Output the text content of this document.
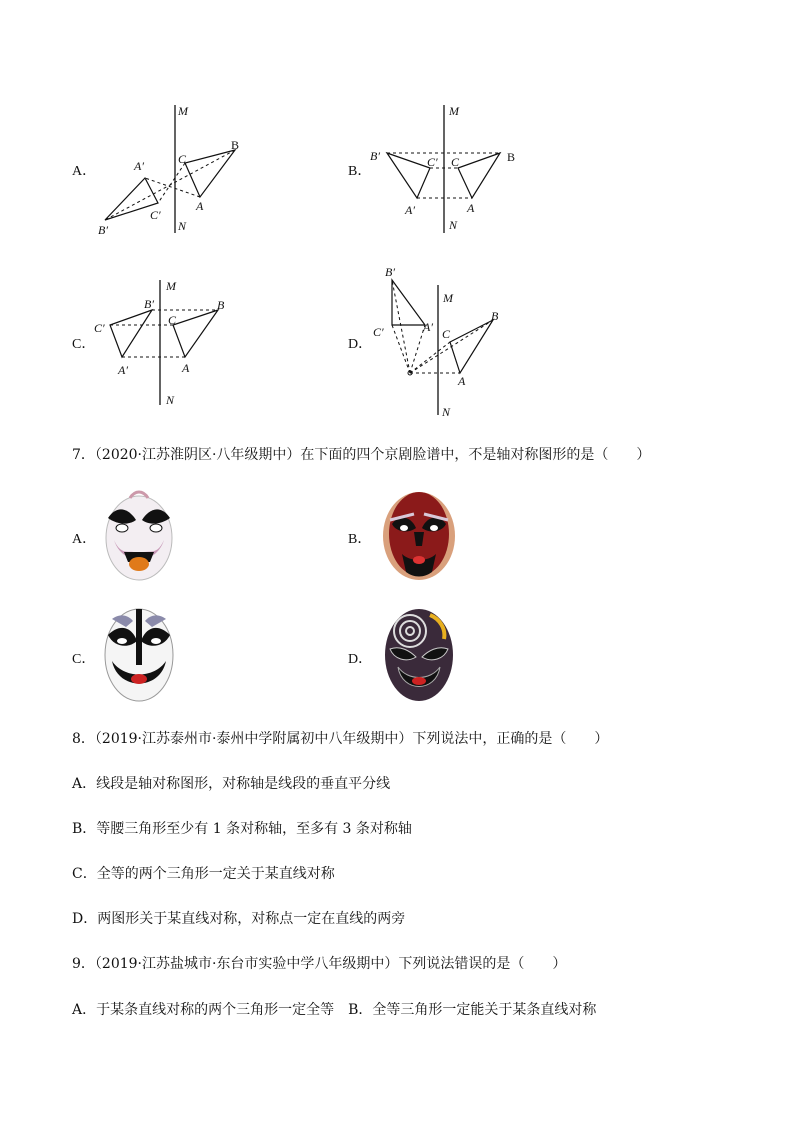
A．
M
N
B
C
A
A′
C′
B′
B．
M
N
B
C
A
C′
A′
B′
C．
M
N
B
C
A
B′
C′
A′
D．
M
N
B
C
A
B′
C′	A′
7．（2020·江苏淮阴区·八年级期中）在下面的四个京剧脸谱中，不是轴对称图形的是（　　）
A．	B．
C．	D．
8．（2019·江苏泰州市·泰州中学附属初中八年级期中）下列说法中，正确的是（　　）
A．线段是轴对称图形，对称轴是线段的垂直平分线
B．等腰三角形至少有 1 条对称轴，至多有 3 条对称轴
C．全等的两个三角形一定关于某直线对称
D．两图形关于某直线对称，对称点一定在直线的两旁
9．（2019·江苏盐城市·东台市实验中学八年级期中）下列说法错误的是（　　）
A．于某条直线对称的两个三角形一定全等　B．全等三角形一定能关于某条直线对称
